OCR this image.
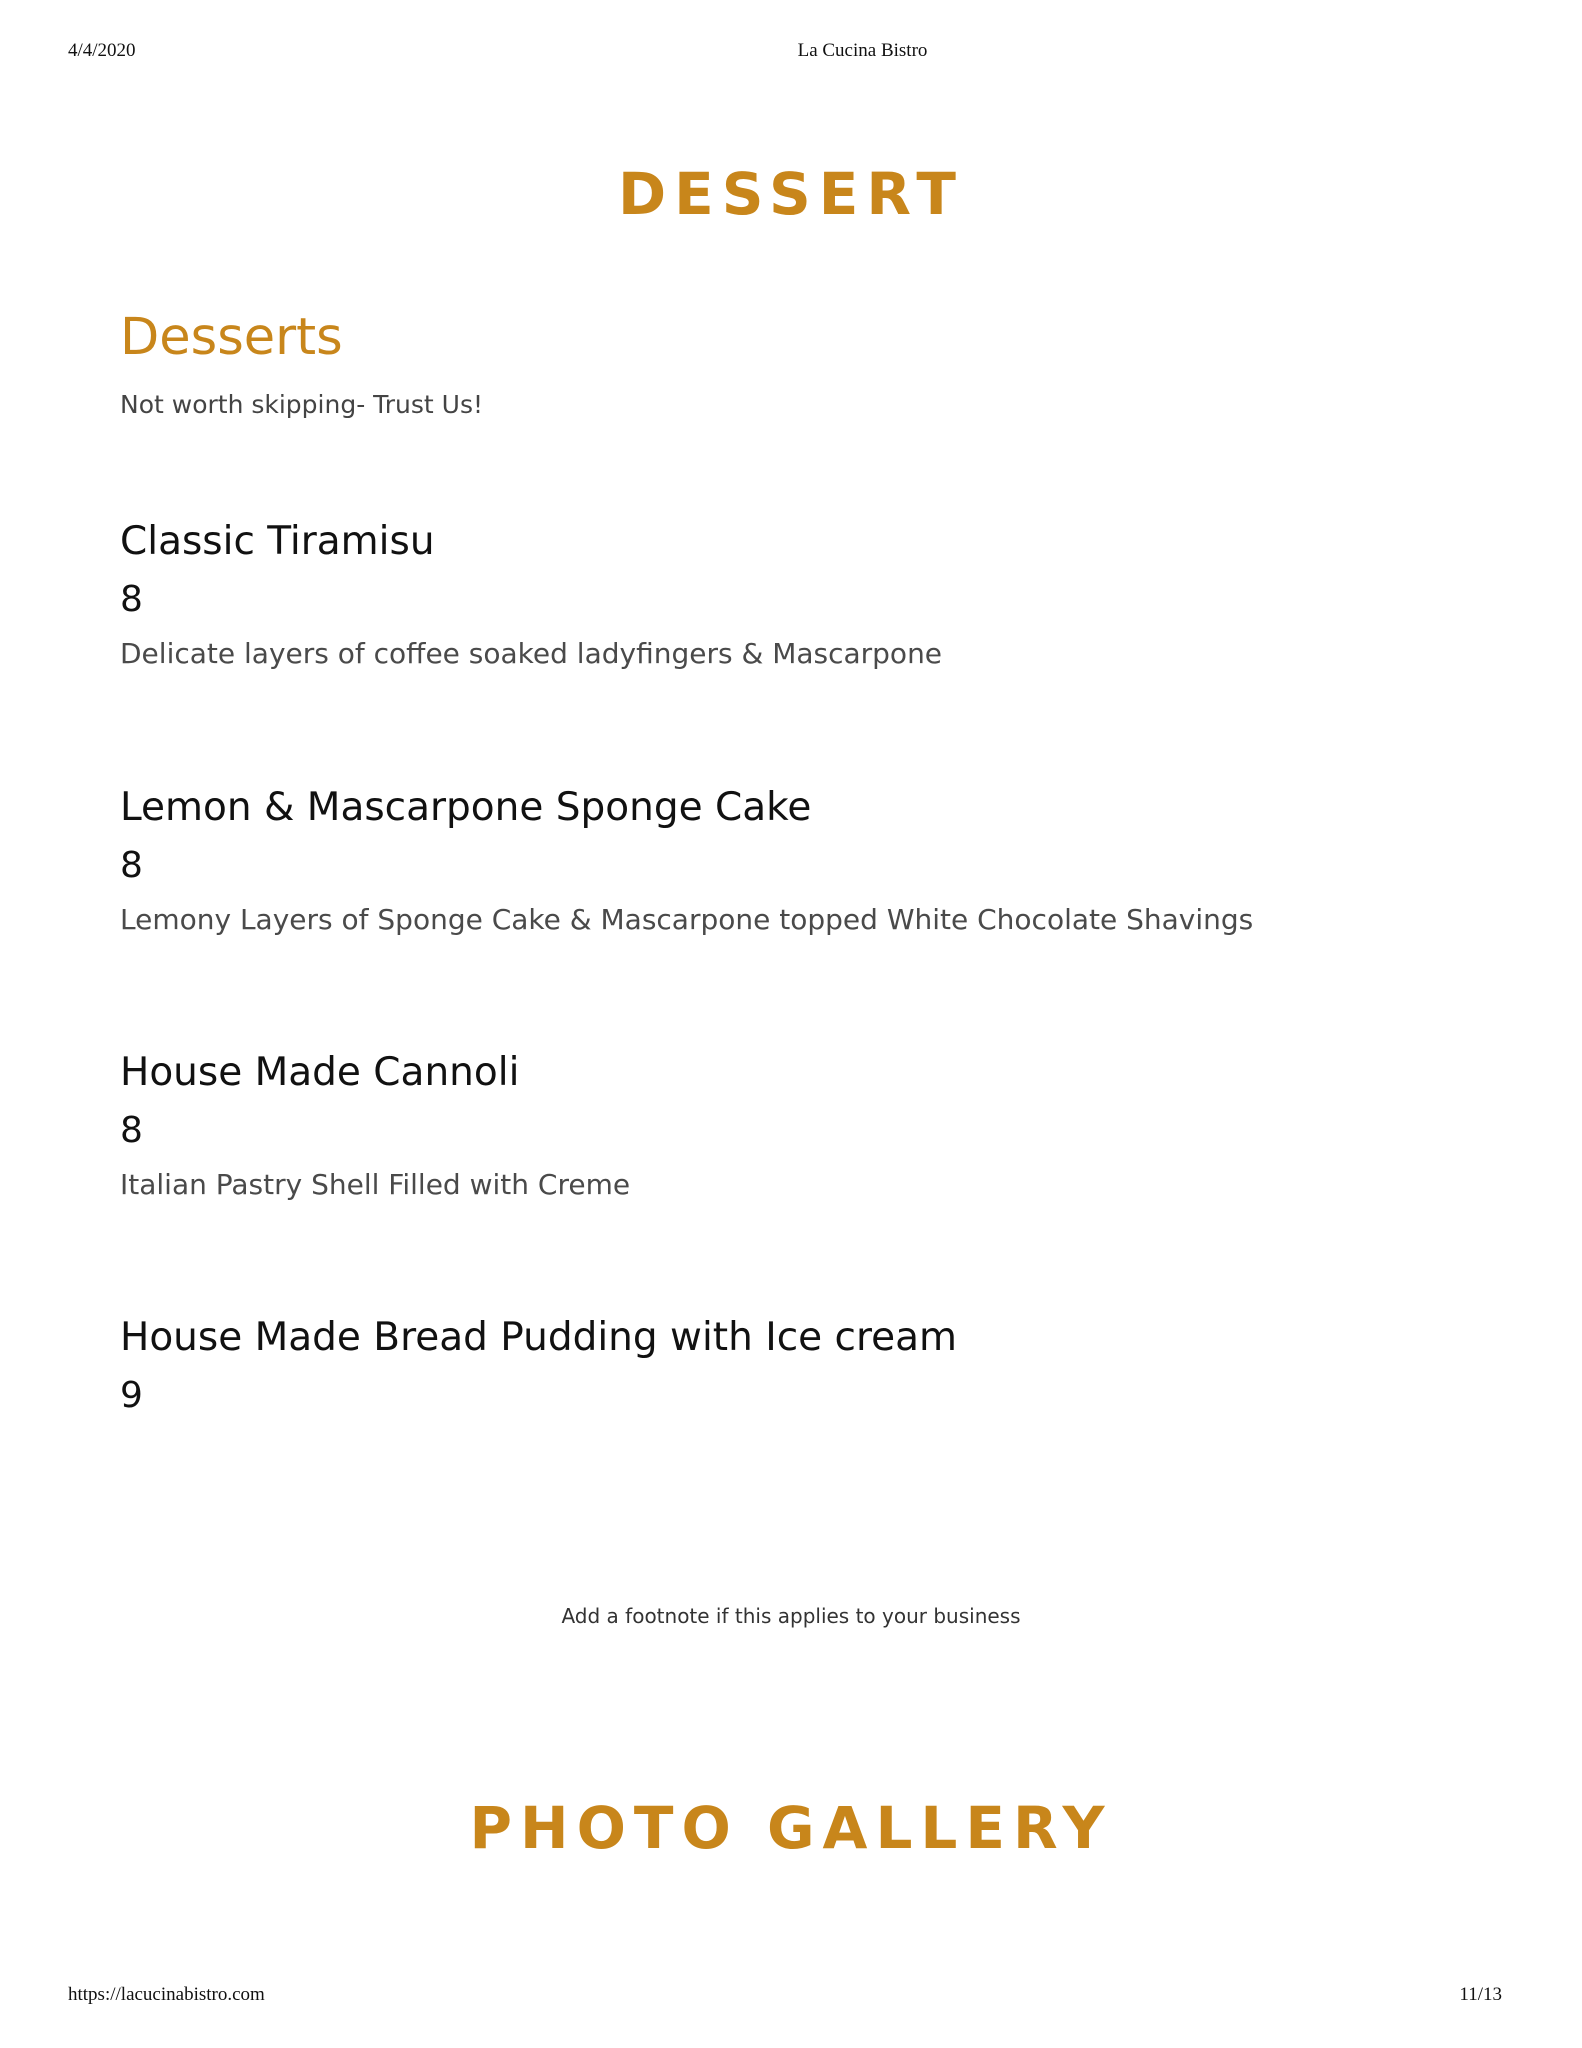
4/4/2020	La Cucina Bistro
DESSERT
Desserts

Not worth skipping- Trust Us!

Classic Tiramisu
8

Delicate layers of coffee soaked ladyfingers & Mascarpone

Lemon & Mascarpone Sponge Cake
8

Lemony Layers of Sponge Cake & Mascarpone topped White Chocolate Shavings

House Made Cannoli
8

Italian Pastry Shell Filled with Creme

House Made Bread Pudding with Ice cream
9
Add a footnote if this applies to your business
PHOTO GALLERY
https://lacucinabistro.com	11/13
